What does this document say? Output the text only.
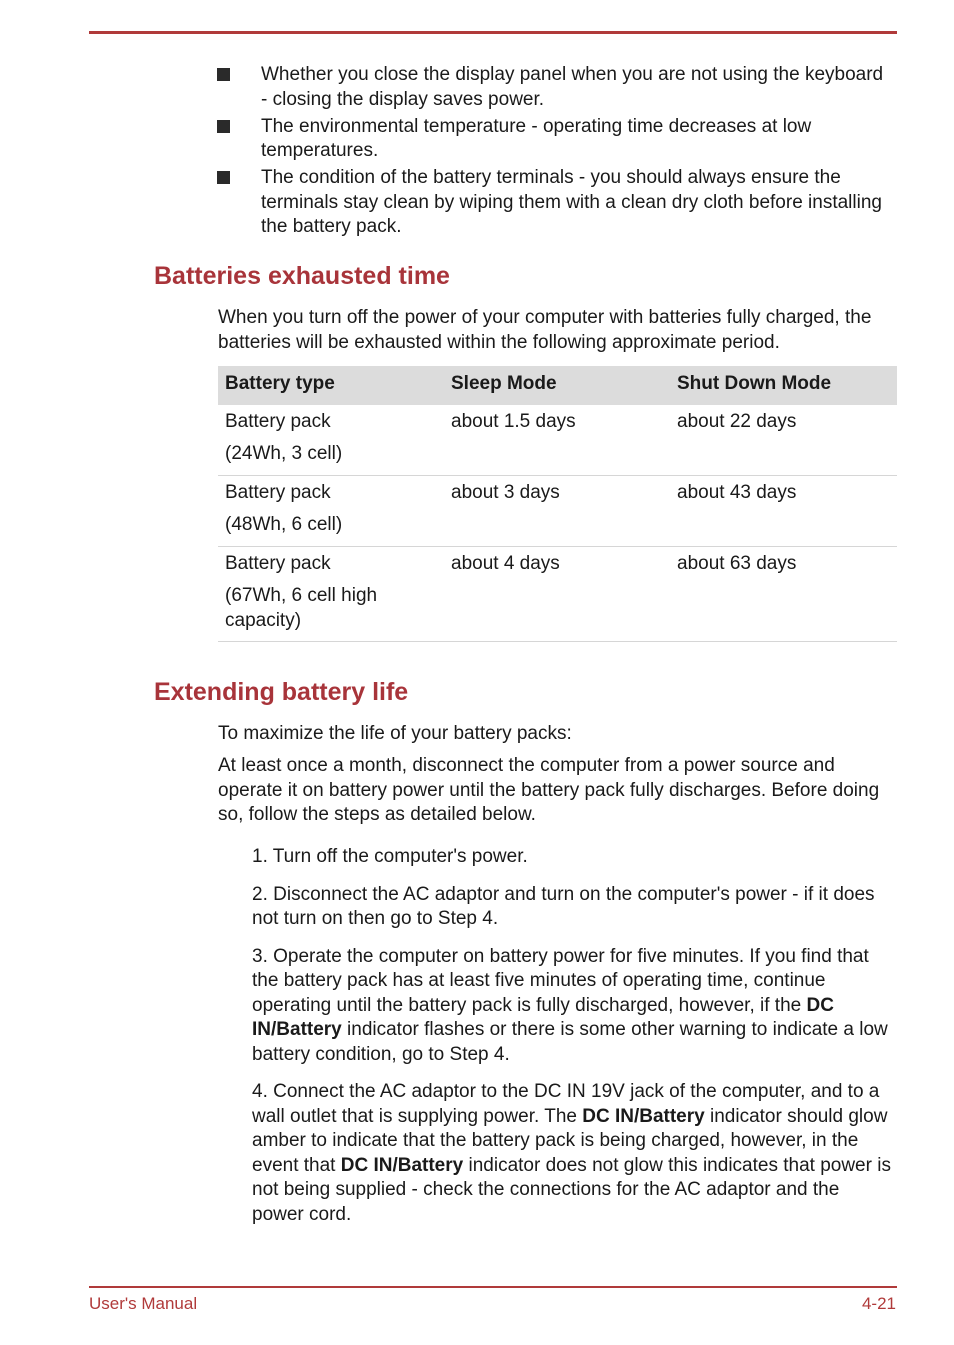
Whether you close the display panel when you are not using the keyboard - closing the display saves power.
The environmental temperature - operating time decreases at low temperatures.
The condition of the battery terminals - you should always ensure the terminals stay clean by wiping them with a clean dry cloth before installing the battery pack.
Batteries exhausted time

When you turn off the power of your computer with batteries fully charged, the batteries will be exhausted within the following approximate period.

Battery type	Sleep Mode	Shut Down Mode
Battery pack
(24Wh, 3 cell)	about 1.5 days	about 22 days
Battery pack
(48Wh, 6 cell)	about 3 days	about 43 days
Battery pack
(67Wh, 6 cell high capacity)	about 4 days	about 63 days
Extending battery life

To maximize the life of your battery packs:

At least once a month, disconnect the computer from a power source and operate it on battery power until the battery pack fully discharges. Before doing so, follow the steps as detailed below.

1. Turn off the computer's power.
2. Disconnect the AC adaptor and turn on the computer's power - if it does not turn on then go to Step 4.
3. Operate the computer on battery power for five minutes. If you find that the battery pack has at least five minutes of operating time, continue operating until the battery pack is fully discharged, however, if the DC IN/Battery indicator flashes or there is some other warning to indicate a low battery condition, go to Step 4.
4. Connect the AC adaptor to the DC IN 19V jack of the computer, and to a wall outlet that is supplying power. The DC IN/Battery indicator should glow amber to indicate that the battery pack is being charged, however, in the event that DC IN/Battery indicator does not glow this indicates that power is not being supplied - check the connections for the AC adaptor and the power cord.
User's Manual	4-21
